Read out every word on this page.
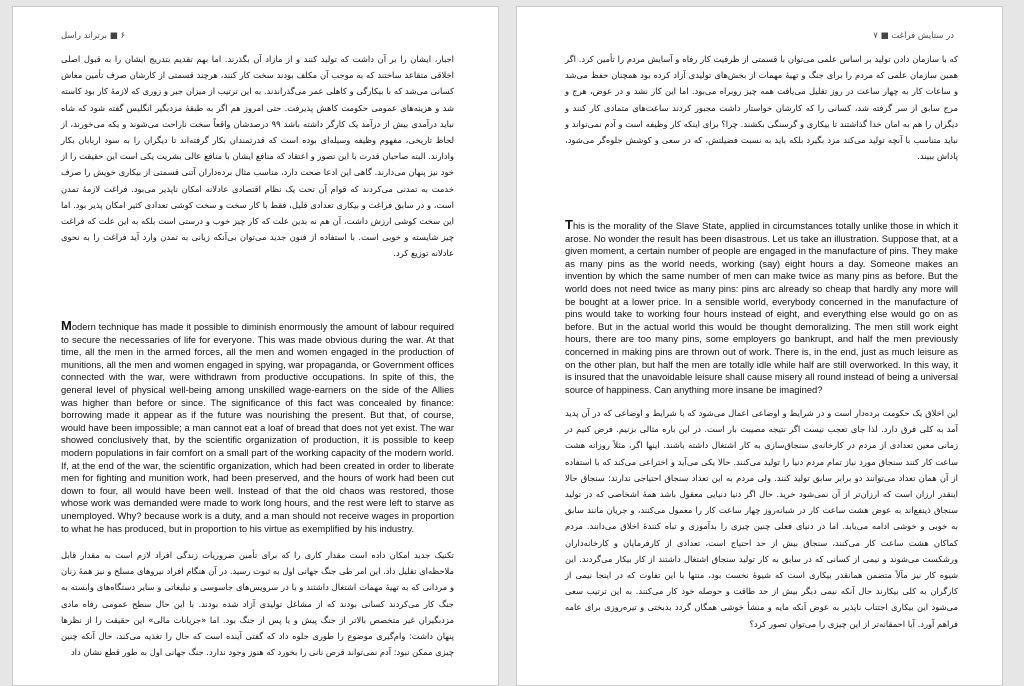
۶ ■ برتراند راسل
اجبار، ایشان را بر آن داشت که تولید کنند و از مازاد آن بگذرند. اما بهم تقدیم بتدریج ایشان را به قبول اصلی اخلاقی متقاعد ساختند که به موجب آن مکلف بودند سخت کار کنند، هرچند قسمتی از کارشان صرف تأمین معاش کسانی می‌شد که با بیکارگی و کاهلی عمر می‌گذراندند. به این ترتیب از میزان جبر و زوری که لازمهٔ کار بود کاسته شد و هزینه‌های عمومی حکومت کاهش پذیرفت. حتی امروز هم اگر به طبقهٔ مزدبگیر انگلیس گفته شود که شاه نباید درآمدی بیش از درآمد یک کارگر داشته باشد ۹۹ درصدشان واقعاً سخت ناراحت می‌شوند و یکه می‌خورند، از لحاظ تاریخی، مفهوم وظیفه وسیله‌ای بوده است که قدرتمندان بکار گرفته‌اند تا دیگران را به سود اربابان بکار وادارند. البته صاحبان قدرت با این تصور و اعتقاد که منافع ایشان با منافع عالی بشریت یکی است این حقیقت را از خود نیز پنهان می‌دارند. گاهی این ادعا صحت دارد، مناسب مثال برده‌داران آتنی قسمتی از بیکاری خویش را صرف خدمت به تمدنی می‌کردند که قوام آن تحت یک نظام اقتصادی عادلانه امکان ناپذیر می‌بود. فراغت لازمهٔ تمدن است، و در سابق فراغت و بیکاری تعدادی قلیل، فقط با کار سخت و سخت کوشی تعدادی کثیر امکان پذیر بود. اما این سخت کوشی ارزش داشت، آن هم نه بدین علت که کار چیز خوب و درستی است بلکه به این علت که فراغت چیز شایسته و خوبی است. با استفاده از فنون جدید می‌توان بی‌آنکه زیانی به تمدن وارد آید فراغت را به نحوی عادلانه توزیع کرد.
Modern technique has made it possible to diminish enormously the amount of labour required to secure the necessaries of life for everyone. This was made obvious during the war. At that time, all the men in the armed forces, all the men and women engaged in the production of munitions, all the men and women engaged in spying, war propaganda, or Government offices connected with the war, were withdrawn from productive occupations. In spite of this, the general level of physical well-being among unskilled wage-earners on the side of the Allies was higher than before or since. The significance of this fact was concealed by finance: borrowing made it appear as if the future was nourishing the present. But that, of course, would have been impossible; a man cannot eat a loaf of bread that does not yet exist. The war showed conclusively that, by the scientific organization of production, it is possible to keep modern populations in fair comfort on a small part of the working capacity of the modern world. If, at the end of the war, the scientific organization, which had been created in order to liberate men for fighting and munition work, had been preserved, and the hours of work had been cut down to four, all would have been well. Instead of that the old chaos was restored, those whose work was demanded were made to work long hours, and the rest were left to starve as unemployed. Why? because work is a duty, and a man should not receive wages in proportion to what he has produced, but in proportion to his virtue as exemplified by his industry.
تکنیک جدید امکان داده است مقدار کاری را که برای تأمین ضروریات زندگی افراد لازم است به مقدار قابل ملاحظه‌ای تقلیل داد. این امر طی جنگ جهانی اول به ثبوت رسید. در آن هنگام افراد نیروهای مسلح و نیز همهٔ زنان و مردانی که به تهیهٔ مهمات اشتغال داشتند و یا در سرویس‌های جاسوسی و تبلیغاتی و سایر دستگاه‌های وابسته به جنگ کار می‌کردند کسانی بودند که از مشاغل تولیدی آزاد شده بودند. با این حال سطح عمومی رفاه مادی مزدبگیران غیر متخصص بالاتر از جنگ پیش و یا پس از جنگ بود. اما «جریانات مالی» این حقیقت را از نظرها پنهان داشت: وام‌گیری موضوع را طوری جلوه داد که گفتی آینده است که حال را تغذیه می‌کند، حال آنکه چنین چیزی ممکن نبود: آدم نمی‌تواند قرص نانی را بخورد که هنوز وجود ندارد. جنگ جهانی اول به طور قطع نشان داد
در ستایش فراغت ■ ۷
که با سازمان دادن تولید بر اساس علمی می‌توان با قسمتی از ظرفیت کار رفاه و آسایش مردم را تأمین کرد. اگر همین سازمان علمی که مردم را برای جنگ و تهیهٔ مهمات از بخش‌های تولیدی آزاد کرده بود همچنان حفظ می‌شد و ساعات کار به چهار ساعت در روز تقلیل می‌یافت همه چیز روبراه می‌بود. اما این کار نشد و در عوض، هرج و مرج سابق از سر گرفته شد، کسانی را که کارشان خواستار داشت مجبور کردند ساعت‌های متمادی کار کنند و دیگران را هم به امان خدا گذاشتند تا بیکاری و گرسنگی بکشند. چرا؟ برای اینکه کار وظیفه است و آدم نمی‌تواند و نباید متناسب با آنچه تولید می‌کند مزد بگیرد بلکه باید به نسبت فضیلتش، که در سعی و کوشش جلوه‌گر می‌شود، پاداش ببیند.
This is the morality of the Slave State, applied in circumstances totally unlike those in which it arose. No wonder the result has been disastrous. Let us take an illustration. Suppose that, at a given moment, a certain number of people are engaged in the manufacture of pins. They make as many pins as the world needs, working (say) eight hours a day. Someone makes an invention by which the same number of men can make twice as many pins as before. But the world does not need twice as many pins: pins arc already so cheap that hardly any more will be bought at a lower price. In a sensible world, everybody concerned in the manufacture of pins would take to working four hours instead of eight, and everything else would go on as before. But in the actual world this would be thought demoralizing. The men still work eight hours, there are too many pins, some employers go bankrupt, and half the men previously concerned in making pins are thrown out of work. There is, in the end, just as much leisure as on the other plan, but half the men are totally idle while half are still overworked. In this way, it is insured that the unavoidable leisure shall cause misery all round instead of being a universal source of happiness. Can anything more insane be imagined?
این اخلاق یک حکومت برده‌دار است و در شرایط و اوضاعی اعمال می‌شود که با شرایط و اوضاعی که در آن پدید آمد به کلی فرق دارد. لذا جای تعجب نیست اگر نتیجه مصیبت بار است. در این باره مثالی بزنیم. فرض کنیم در زمانی معین تعدادی از مردم در کارخانه‌ی سنجاق‌سازی به کار اشتغال داشته باشند. اینها اگر، مثلاً روزانه هشت ساعت کار کنند سنجاق مورد نیاز تمام مردم دنیا را تولید می‌کنند. حالا یکی می‌آید و اختراعی می‌کند که با استفاده از آن همان تعداد می‌توانند دو برابر سابق تولید کنند. ولی مردم به این تعداد سنجاق احتیاجی ندارند: سنجاق حالا اینقدر ارزان است که ارزان‌تر از آن نمی‌شود خرید. حال اگر دنیا دنیایی معقول باشد همهٔ اشخاصی که در تولید سنجاق ذینفع‌اند به عوض هشت ساعت کار در شبانه‌روز چهار ساعت کار را معمول می‌کنند، و جریان مانند سابق به خوبی و خوشی ادامه می‌یابد. اما در دنیای فعلی چنین چیزی را بدآموزی و تباه کنندهٔ اخلاق می‌دانند. مردم کماکان هشت ساعت کار می‌کنند، سنجاق بیش از حد احتیاج است، تعدادی از کارفرمایان و کارخانه‌داران ورشکست می‌شوند و نیمی از کسانی که در سابق به کار تولید سنجاق اشتغال داشتند از کار بیکار می‌گردند. این شیوه کار نیز مآلاً متضمن همانقدر بیکاری است که شیوهٔ نخست بود، منتها با این تفاوت که در اینجا نیمی از کارگران به کلی بیکارند حال آنکه نیمی دیگر بیش از حد طاقت و حوصله خود کار می‌کنند. به این ترتیب سعی می‌شود این بیکاری اجتناب ناپذیر به عوض آنکه مایه و منشأ خوشی همگان گردد بدبختی و تیره‌روزی برای عامه فراهم آورد. آیا احمقانه‌تر از این چیزی را می‌توان تصور کرد؟
